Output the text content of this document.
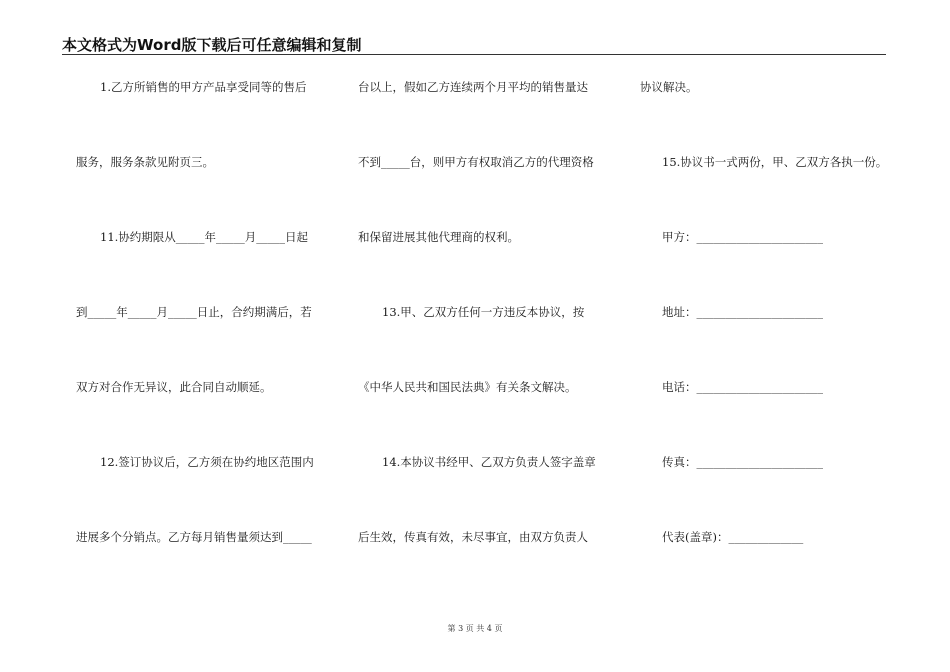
本文格式为Word版下载后可任意编辑和复制
1.乙方所销售的甲方产品享受同等的售后
服务，服务条款见附页三。
11.协约期限从_____年_____月_____日起
到_____年_____月_____日止，合约期满后，若
双方对合作无异议，此合同自动顺延。
12.签订协议后，乙方须在协约地区范围内
进展多个分销点。乙方每月销售量须达到_____
台以上，假如乙方连续两个月平均的销售量达
不到_____台，则甲方有权取消乙方的代理资格
和保留进展其他代理商的权利。
13.甲、乙双方任何一方违反本协议，按
《中华人民共和国民法典》有关条文解决。
14.本协议书经甲、乙双方负责人签字盖章
后生效，传真有效，未尽事宜，由双方负责人
协议解决。
15.协议书一式两份，甲、乙双方各执一份。
甲方：______________________
地址：______________________
电话：______________________
传真：______________________
代表(盖章)：_____________
第 3 页 共 4 页
